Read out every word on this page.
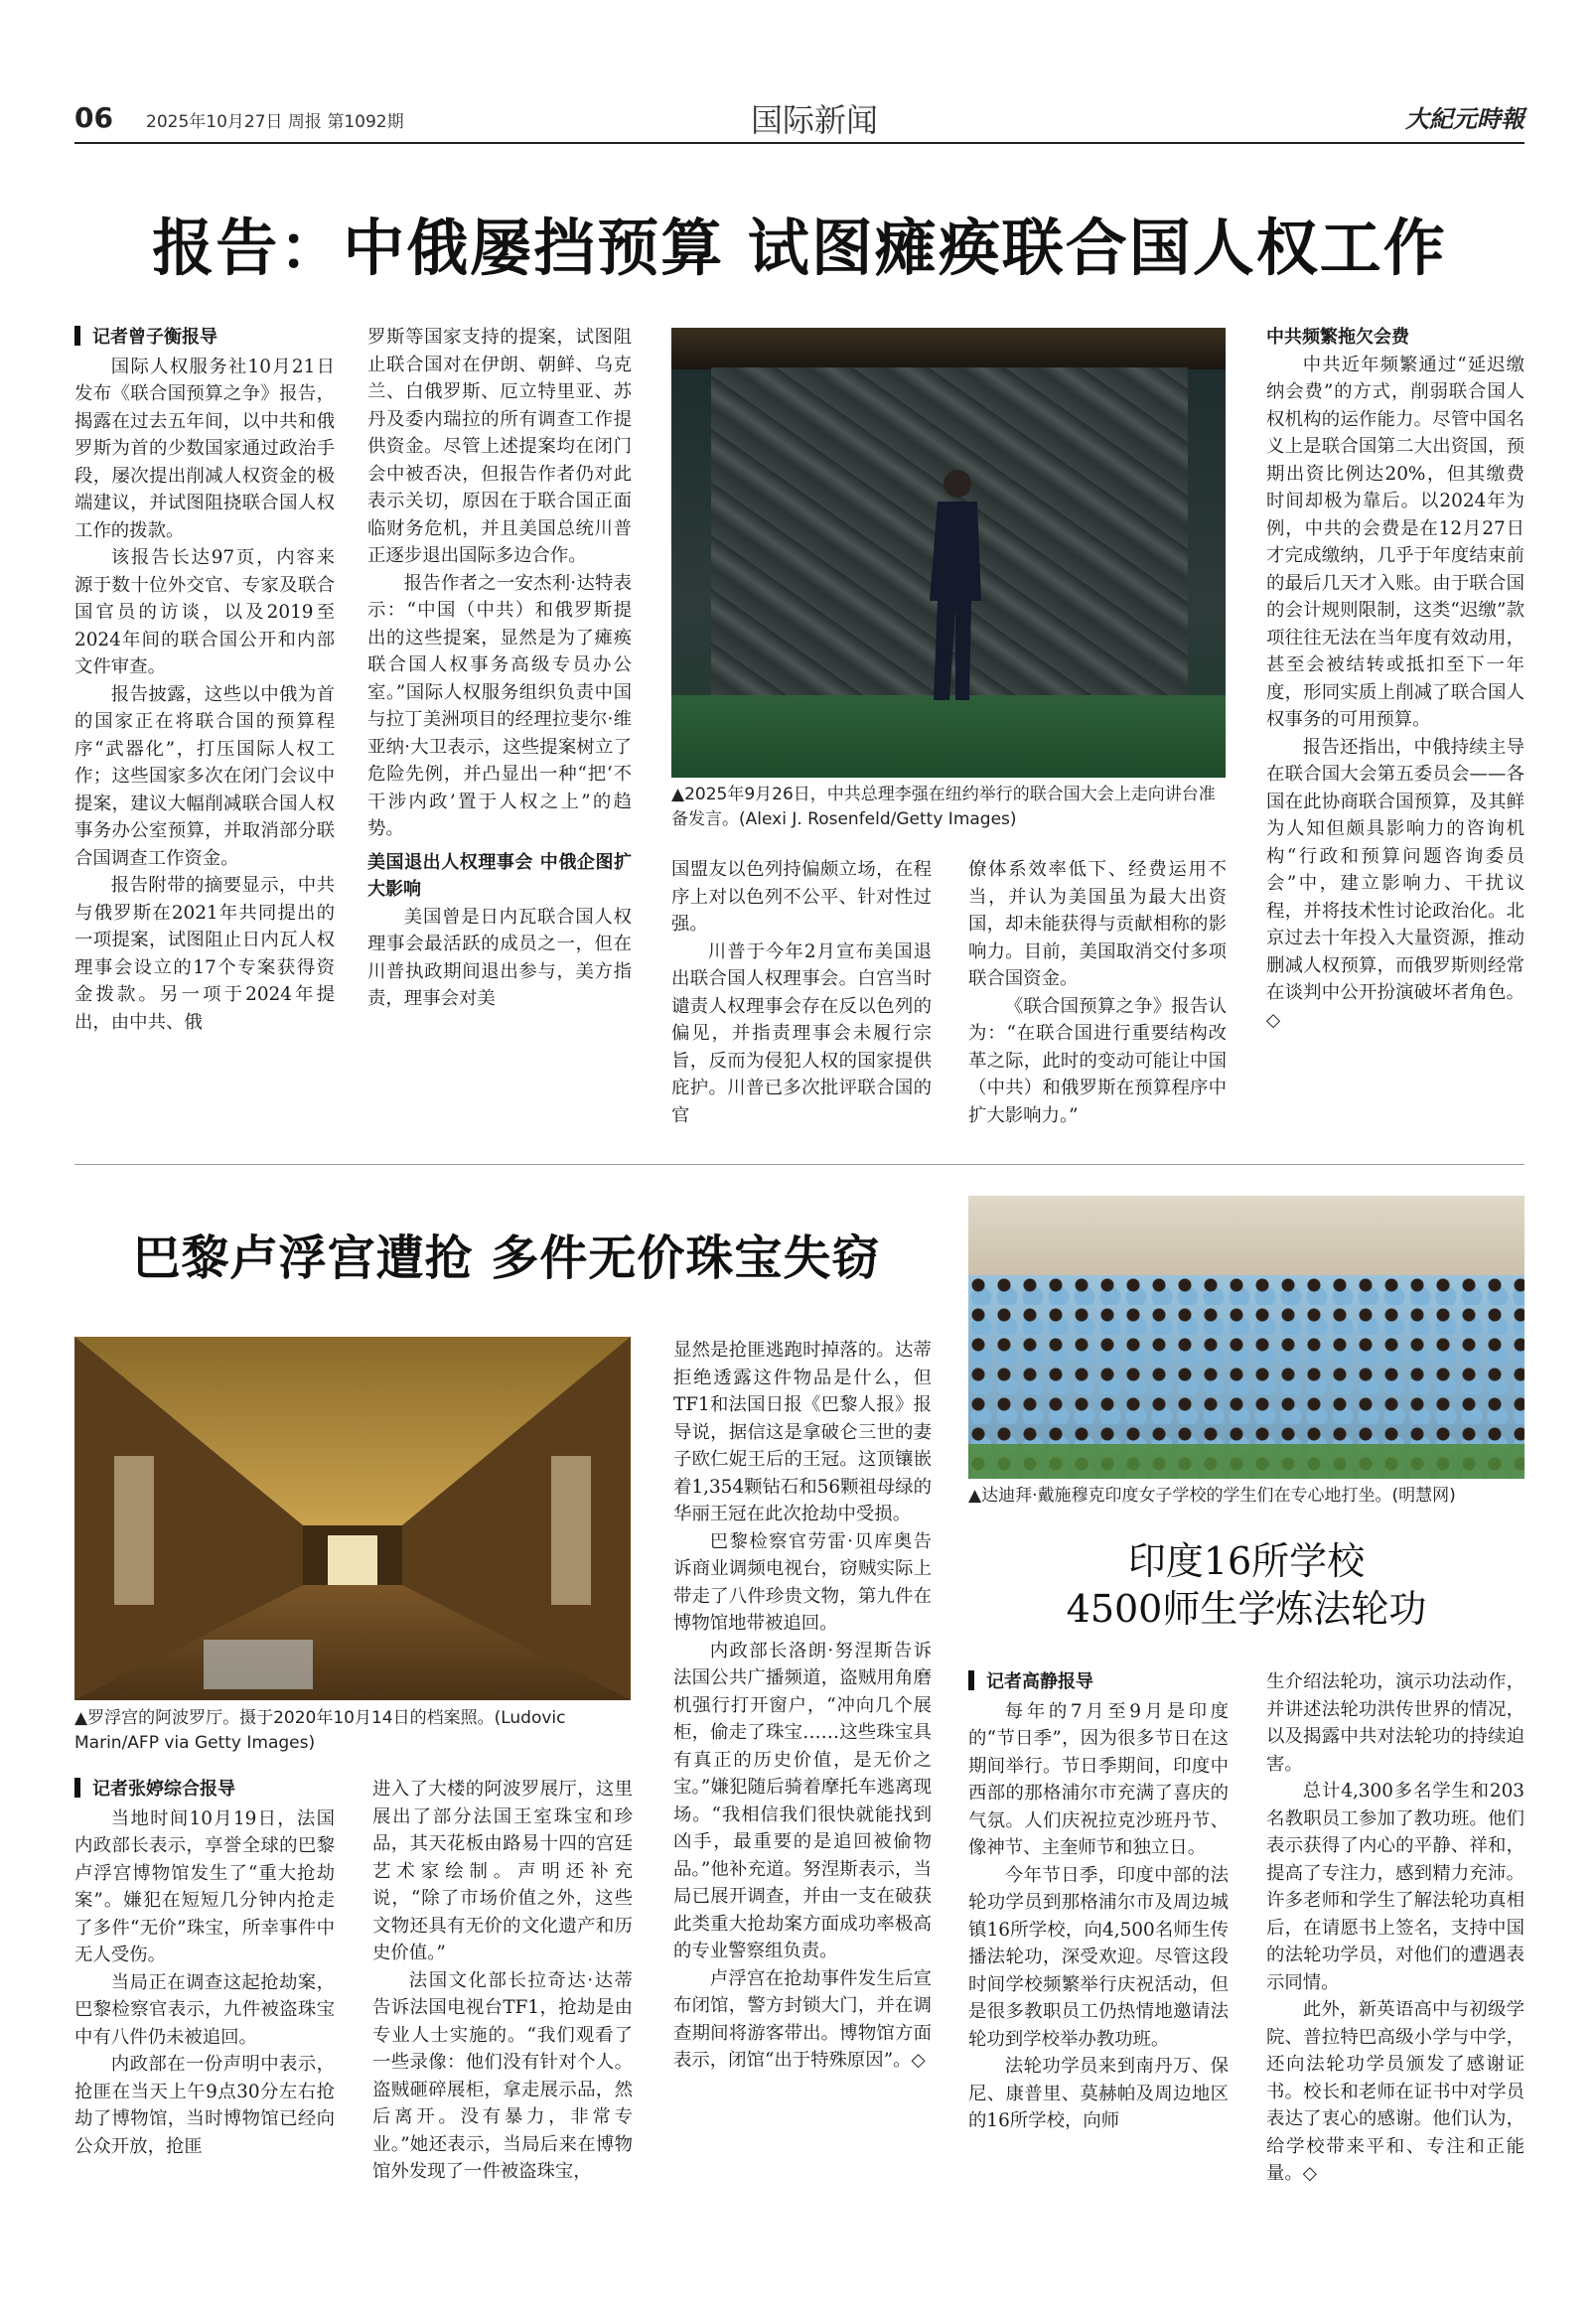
06 2025年10月27日 周报 第1092期	国际新闻	大紀元時報
报告：中俄屡挡预算 试图瘫痪联合国人权工作

记者曾子衡报导

国际人权服务社10月21日发布《联合国预算之争》报告，揭露在过去五年间，以中共和俄罗斯为首的少数国家通过政治手段，屡次提出削减人权资金的极端建议，并试图阻挠联合国人权工作的拨款。

该报告长达97页，内容来源于数十位外交官、专家及联合国官员的访谈，以及2019至2024年间的联合国公开和内部文件审查。

报告披露，这些以中俄为首的国家正在将联合国的预算程序“武器化”，打压国际人权工作；这些国家多次在闭门会议中提案，建议大幅削减联合国人权事务办公室预算，并取消部分联合国调查工作资金。

报告附带的摘要显示，中共与俄罗斯在2021年共同提出的一项提案，试图阻止日内瓦人权理事会设立的17个专案获得资金拨款。另一项于2024年提出，由中共、俄

罗斯等国家支持的提案，试图阻止联合国对在伊朗、朝鲜、乌克兰、白俄罗斯、厄立特里亚、苏丹及委内瑞拉的所有调查工作提供资金。尽管上述提案均在闭门会中被否决，但报告作者仍对此表示关切，原因在于联合国正面临财务危机，并且美国总统川普正逐步退出国际多边合作。

报告作者之一安杰利·达特表示：“中国（中共）和俄罗斯提出的这些提案，显然是为了瘫痪联合国人权事务高级专员办公室。”国际人权服务组织负责中国与拉丁美洲项目的经理拉斐尔·维亚纳·大卫表示，这些提案树立了危险先例，并凸显出一种“把‘不干涉内政’置于人权之上”的趋势。

美国退出人权理事会 中俄企图扩大影响

美国曾是日内瓦联合国人权理事会最活跃的成员之一，但在川普执政期间退出参与，美方指责，理事会对美

▲2025年9月26日，中共总理李强在纽约举行的联合国大会上走向讲台准备发言。(Alexi J. Rosenfeld/Getty Images)

国盟友以色列持偏颇立场，在程序上对以色列不公平、针对性过强。

川普于今年2月宣布美国退出联合国人权理事会。白宫当时谴责人权理事会存在反以色列的偏见，并指责理事会未履行宗旨，反而为侵犯人权的国家提供庇护。川普已多次批评联合国的官

僚体系效率低下、经费运用不当，并认为美国虽为最大出资国，却未能获得与贡献相称的影响力。目前，美国取消交付多项联合国资金。

《联合国预算之争》报告认为：“在联合国进行重要结构改革之际，此时的变动可能让中国（中共）和俄罗斯在预算程序中扩大影响力。”

中共频繁拖欠会费

中共近年频繁通过“延迟缴纳会费”的方式，削弱联合国人权机构的运作能力。尽管中国名义上是联合国第二大出资国，预期出资比例达20%，但其缴费时间却极为靠后。以2024年为例，中共的会费是在12月27日才完成缴纳，几乎于年度结束前的最后几天才入账。由于联合国的会计规则限制，这类“迟缴”款项往往无法在当年度有效动用，甚至会被结转或抵扣至下一年度，形同实质上削减了联合国人权事务的可用预算。

报告还指出，中俄持续主导在联合国大会第五委员会——各国在此协商联合国预算，及其鲜为人知但颇具影响力的咨询机构“行政和预算问题咨询委员会”中，建立影响力、干扰议程，并将技术性讨论政治化。北京过去十年投入大量资源，推动删减人权预算，而俄罗斯则经常在谈判中公开扮演破坏者角色。◇

巴黎卢浮宫遭抢 多件无价珠宝失窃
▲罗浮宫的阿波罗厅。摄于2020年10月14日的档案照。(Ludovic Marin/AFP via Getty Images)

记者张婷综合报导

当地时间10月19日，法国内政部长表示，享誉全球的巴黎卢浮宫博物馆发生了“重大抢劫案”。嫌犯在短短几分钟内抢走了多件“无价”珠宝，所幸事件中无人受伤。

当局正在调查这起抢劫案，巴黎检察官表示，九件被盗珠宝中有八件仍未被追回。

内政部在一份声明中表示，抢匪在当天上午9点30分左右抢劫了博物馆，当时博物馆已经向公众开放，抢匪

进入了大楼的阿波罗展厅，这里展出了部分法国王室珠宝和珍品，其天花板由路易十四的宫廷艺术家绘制。声明还补充说，“除了市场价值之外，这些文物还具有无价的文化遗产和历史价值。”

法国文化部长拉奇达·达蒂告诉法国电视台TF1，抢劫是由专业人士实施的。“我们观看了一些录像：他们没有针对个人。盗贼砸碎展柜，拿走展示品，然后离开。没有暴力，非常专业。”她还表示，当局后来在博物馆外发现了一件被盗珠宝，

显然是抢匪逃跑时掉落的。达蒂拒绝透露这件物品是什么，但TF1和法国日报《巴黎人报》报导说，据信这是拿破仑三世的妻子欧仁妮王后的王冠。这顶镶嵌着1,354颗钻石和56颗祖母绿的华丽王冠在此次抢劫中受损。

巴黎检察官劳雷·贝库奥告诉商业调频电视台，窃贼实际上带走了八件珍贵文物，第九件在博物馆地带被追回。

内政部长洛朗·努涅斯告诉法国公共广播频道，盗贼用角磨机强行打开窗户，“冲向几个展柜，偷走了珠宝……这些珠宝具有真正的历史价值，是无价之宝。”嫌犯随后骑着摩托车逃离现场。“我相信我们很快就能找到凶手，最重要的是追回被偷物品。”他补充道。努涅斯表示，当局已展开调查，并由一支在破获此类重大抢劫案方面成功率极高的专业警察组负责。

卢浮宫在抢劫事件发生后宣布闭馆，警方封锁大门，并在调查期间将游客带出。博物馆方面表示，闭馆“出于特殊原因”。◇

▲达迪拜·戴施穆克印度女子学校的学生们在专心地打坐。(明慧网)
印度16所学校
4500师生学炼法轮功

记者高静报导

每年的7月至9月是印度的“节日季”，因为很多节日在这期间举行。节日季期间，印度中西部的那格浦尔市充满了喜庆的气氛。人们庆祝拉克沙班丹节、像神节、主奎师节和独立日。

今年节日季，印度中部的法轮功学员到那格浦尔市及周边城镇16所学校，向4,500名师生传播法轮功，深受欢迎。尽管这段时间学校频繁举行庆祝活动，但是很多教职员工仍热情地邀请法轮功到学校举办教功班。

法轮功学员来到南丹万、保尼、康普里、莫赫帕及周边地区的16所学校，向师

生介绍法轮功，演示功法动作，并讲述法轮功洪传世界的情况，以及揭露中共对法轮功的持续迫害。

总计4,300多名学生和203名教职员工参加了教功班。他们表示获得了内心的平静、祥和，提高了专注力，感到精力充沛。许多老师和学生了解法轮功真相后，在请愿书上签名，支持中国的法轮功学员，对他们的遭遇表示同情。

此外，新英语高中与初级学院、普拉特巴高级小学与中学，还向法轮功学员颁发了感谢证书。校长和老师在证书中对学员表达了衷心的感谢。他们认为，给学校带来平和、专注和正能量。◇
